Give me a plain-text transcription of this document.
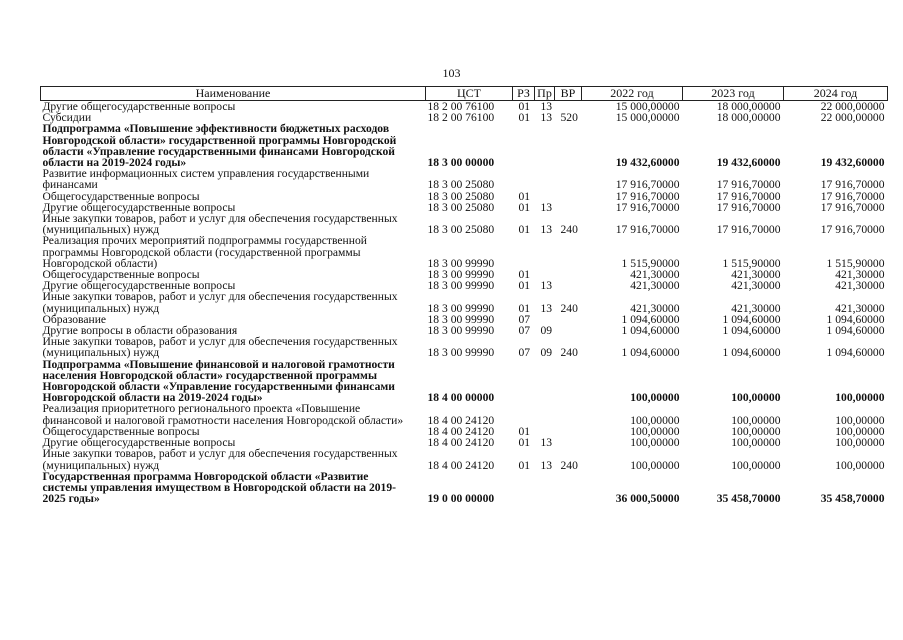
103
Наименование	ЦСТ	РЗ	Пр	ВР	2022 год	2023 год	2024 год
Другие общегосударственные вопросы	18 2 00 76100	01	13		15 000,00000	18 000,00000	22 000,00000
Субсидии	18 2 00 76100	01	13	520	15 000,00000	18 000,00000	22 000,00000
Подпрограмма «Повышение эффективности бюджетных расходов Новгородской области» государственной программы Новгородской области «Управление государственными финансами Новгородской области на 2019-2024 годы»	18 3 00 00000				19 432,60000	19 432,60000	19 432,60000
Развитие информационных систем управления государственными финансами	18 3 00 25080				17 916,70000	17 916,70000	17 916,70000
Общегосударственные вопросы	18 3 00 25080	01			17 916,70000	17 916,70000	17 916,70000
Другие общегосударственные вопросы	18 3 00 25080	01	13		17 916,70000	17 916,70000	17 916,70000
Иные закупки товаров, работ и услуг для обеспечения государственных (муниципальных) нужд	18 3 00 25080	01	13	240	17 916,70000	17 916,70000	17 916,70000
Реализация прочих мероприятий подпрограммы государственной программы Новгородской области (государственной программы Новгородской области)	18 3 00 99990				1 515,90000	1 515,90000	1 515,90000
Общегосударственные вопросы	18 3 00 99990	01			421,30000	421,30000	421,30000
Другие общегосударственные вопросы	18 3 00 99990	01	13		421,30000	421,30000	421,30000
Иные закупки товаров, работ и услуг для обеспечения государственных (муниципальных) нужд	18 3 00 99990	01	13	240	421,30000	421,30000	421,30000
Образование	18 3 00 99990	07			1 094,60000	1 094,60000	1 094,60000
Другие вопросы в области образования	18 3 00 99990	07	09		1 094,60000	1 094,60000	1 094,60000
Иные закупки товаров, работ и услуг для обеспечения государственных (муниципальных) нужд	18 3 00 99990	07	09	240	1 094,60000	1 094,60000	1 094,60000
Подпрограмма «Повышение финансовой и налоговой грамотности населения Новгородской области» государственной программы Новгородской области «Управление государственными финансами Новгородской области на 2019-2024 годы»	18 4 00 00000				100,00000	100,00000	100,00000
Реализация приоритетного регионального проекта «Повышение финансовой и налоговой грамотности населения Новгородской области»	18 4 00 24120				100,00000	100,00000	100,00000
Общегосударственные вопросы	18 4 00 24120	01			100,00000	100,00000	100,00000
Другие общегосударственные вопросы	18 4 00 24120	01	13		100,00000	100,00000	100,00000
Иные закупки товаров, работ и услуг для обеспечения государственных (муниципальных) нужд	18 4 00 24120	01	13	240	100,00000	100,00000	100,00000
Государственная программа Новгородской области «Развитие системы управления имуществом в Новгородской области на 2019-2025 годы»	19 0 00 00000				36 000,50000	35 458,70000	35 458,70000
